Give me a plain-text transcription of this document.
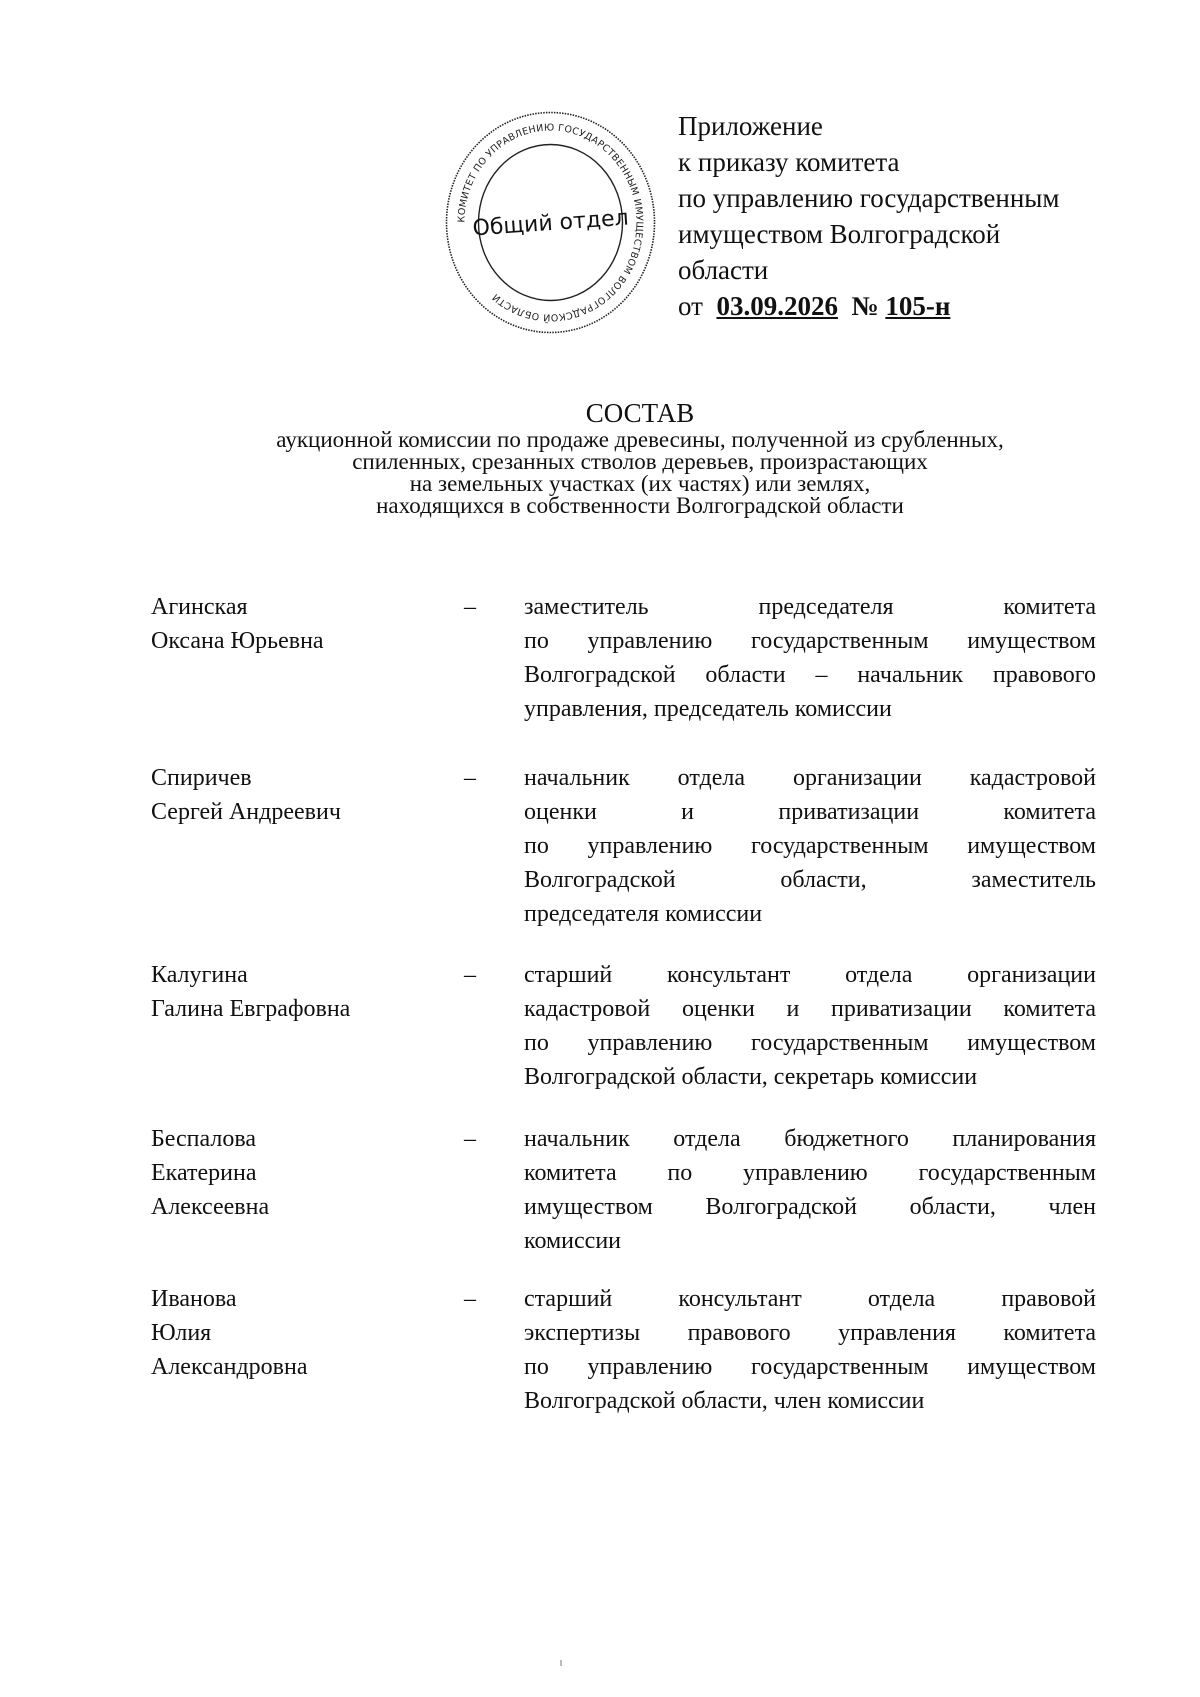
КОМИТЕТ ПО УПРАВЛЕНИЮ ГОСУДАРСТВЕННЫМ ИМУЩЕСТВОМ ВОЛГОГРАДСКОЙ ОБЛАСТИ
Общий отдел
Приложение
к приказу комитета
по управлению государственным
имуществом Волгоградской
области
от 03.09.2026 № 105-н
СОСТАВ
аукционной комиссии по продаже древесины, полученной из срубленных,
спиленных, срезанных стволов деревьев, произрастающих
на земельных участках (их частях) или землях,
находящихся в собственности Волгоградской области
Агинская
Оксана Юрьевна
– заместитель председателя комитета
по управлению государственным имуществом
Волгоградской области – начальник правового
управления, председатель комиссии
Спиричев
Сергей Андреевич
– начальник отдела организации кадастровой
оценки и приватизации комитета
по управлению государственным имуществом
Волгоградской области, заместитель
председателя комиссии
Калугина
Галина Евграфовна
– старший консультант отдела организации
кадастровой оценки и приватизации комитета
по управлению государственным имуществом
Волгоградской области, секретарь комиссии
Беспалова
Екатерина
Алексеевна
– начальник отдела бюджетного планирования
комитета по управлению государственным
имуществом Волгоградской области, член
комиссии
Иванова
Юлия
Александровна
– старший консультант отдела правовой
экспертизы правового управления комитета
по управлению государственным имуществом
Волгоградской области, член комиссии
